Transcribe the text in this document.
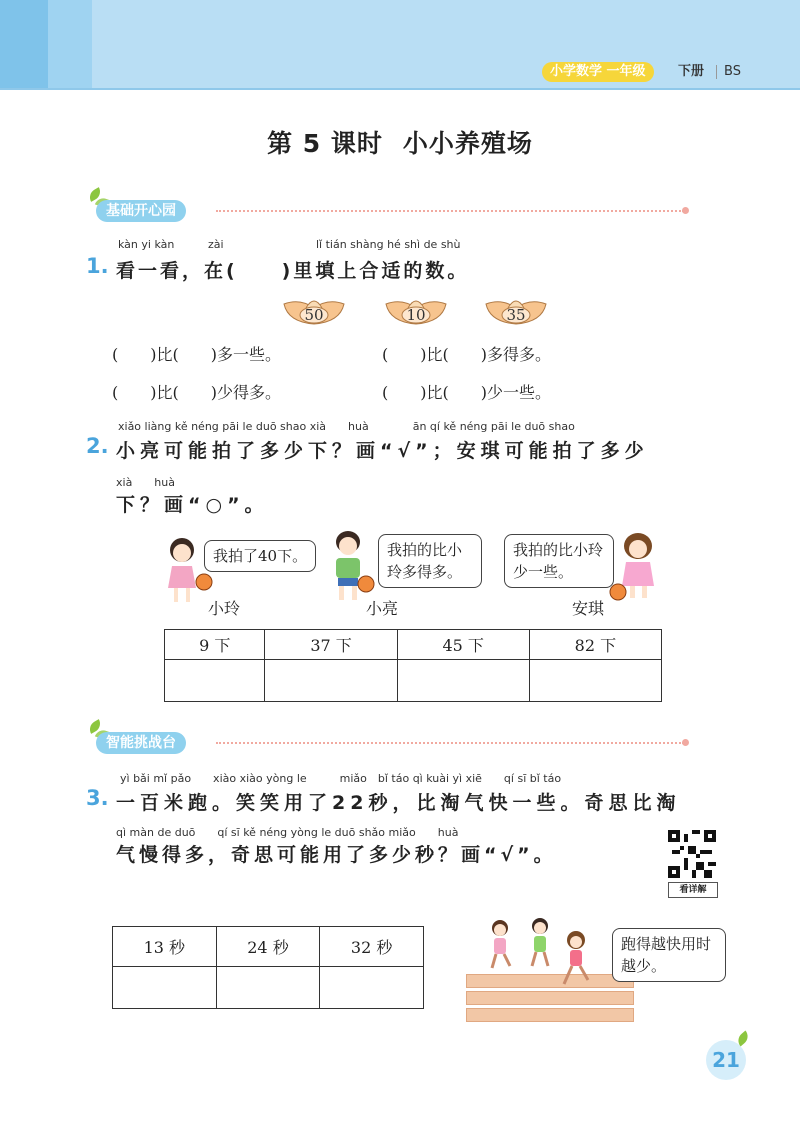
小学数学 一年级	下册 BS
第 5 课时 小小养殖场
基础开心园
kàn yi kàn	zài	lǐ tián shàng hé shì de shù
1. 看一看，在(　　)里填上合适的数。
50	10	35
(　　)比(　　)多一些。	(　　)比(　　)多得多。
(　　)比(　　)少得多。	(　　)比(　　)少一些。
xiǎo liàng kě néng pāi le duō shao xià　　huà　　　　ān qí kě néng pāi le duō shao
2. 小亮可能拍了多少下？画“√”；安琪可能拍了多少
xià　　huà
下？画“○”。
我拍了40下。
小玲
我拍的比小玲多得多。
小亮
我拍的比小玲少一些。
安琪
9 下	37 下	45 下	82 下

智能挑战台
yì bǎi mǐ pǎo　　xiào xiào yòng le　　　miǎo　bǐ táo qì kuài yì xiē　　qí sī bǐ táo
3. 一百米跑。笑笑用了22秒，比淘气快一些。奇思比淘
qì màn de duō　　qí sī kě néng yòng le duō shǎo miǎo　　huà
气慢得多，奇思可能用了多少秒？画“√”。
看详解
13 秒	24 秒	32 秒
			跑得越快用时越少。
21
